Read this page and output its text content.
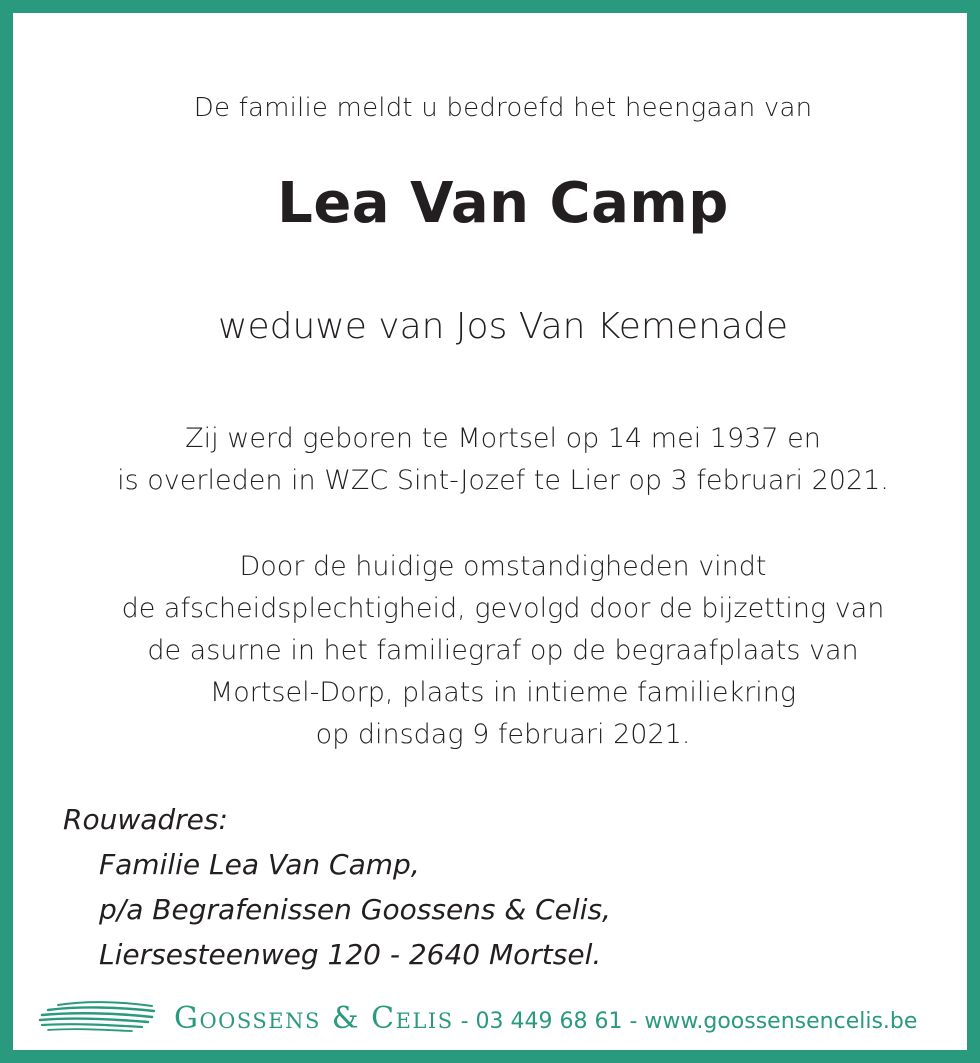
De familie meldt u bedroefd het heengaan van
Lea Van Camp
weduwe van Jos Van Kemenade
Zij werd geboren te Mortsel op 14 mei 1937 en
is overleden in WZC Sint-Jozef te Lier op 3 februari 2021.
Door de huidige omstandigheden vindt
de afscheidsplechtigheid, gevolgd door de bijzetting van
de asurne in het familiegraf op de begraafplaats van
Mortsel-Dorp, plaats in intieme familiekring
op dinsdag 9 februari 2021.
Rouwadres:
Familie Lea Van Camp,
p/a Begrafenissen Goossens & Celis,
Liersesteenweg 120 - 2640 Mortsel.
Goossens & Celis - 03 449 68 61 - www.goossensencelis.be
